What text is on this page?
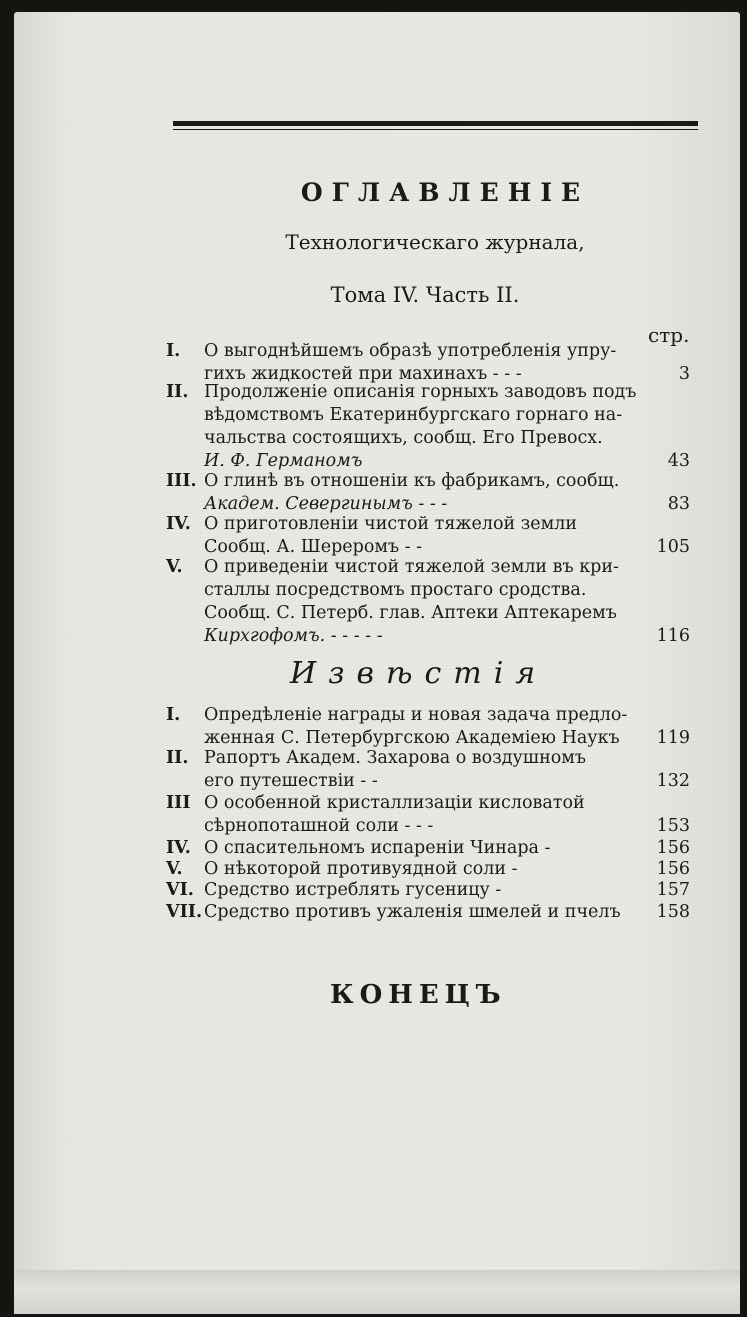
ОГЛАВЛЕНІЕ
Технологическаго журнала,
Тома IV. Часть II.
стр.
I. О выгоднѣйшемъ образѣ употребленія упру-
гихъ жидкостей при махинахъ - - -	3
II. Продолженіе описанія горныхъ заводовъ подъ
вѣдомствомъ Екатеринбургскаго горнаго на-
чальства состоящихъ, сообщ. Его Превосх.
И. Ф. Германомъ	43
III. О глинѣ въ отношеніи къ фабрикамъ, сообщ.
Академ. Севергинымъ - - -	83
IV. О приготовленіи чистой тяжелой земли
Сообщ. А. Шереромъ - -	105
V. О приведеніи чистой тяжелой земли въ кри-
сталлы посредствомъ простаго сродства.
Сообщ. С. Петерб. глав. Аптеки Аптекаремъ
Кирхгофомъ. - - - - -	116
I. Опредѣленіе награды и новая задача предло-
женная С. Петербургскою Академіею Наукъ 119
II. Рапортъ Академ. Захарова о воздушномъ
его путешествіи - -	132
III О особенной кристаллизаціи кисловатой
сѣрнопоташной соли - - -	153
IV. О спасительномъ испареніи Чинара -	156
V. О нѣкоторой противуядной соли -	156
VI. Средство истреблять гусеницу -	157
VII. Средство противъ ужаленія шмелей и пчелъ 158
Извѣстія
КОНЕЦЪ
